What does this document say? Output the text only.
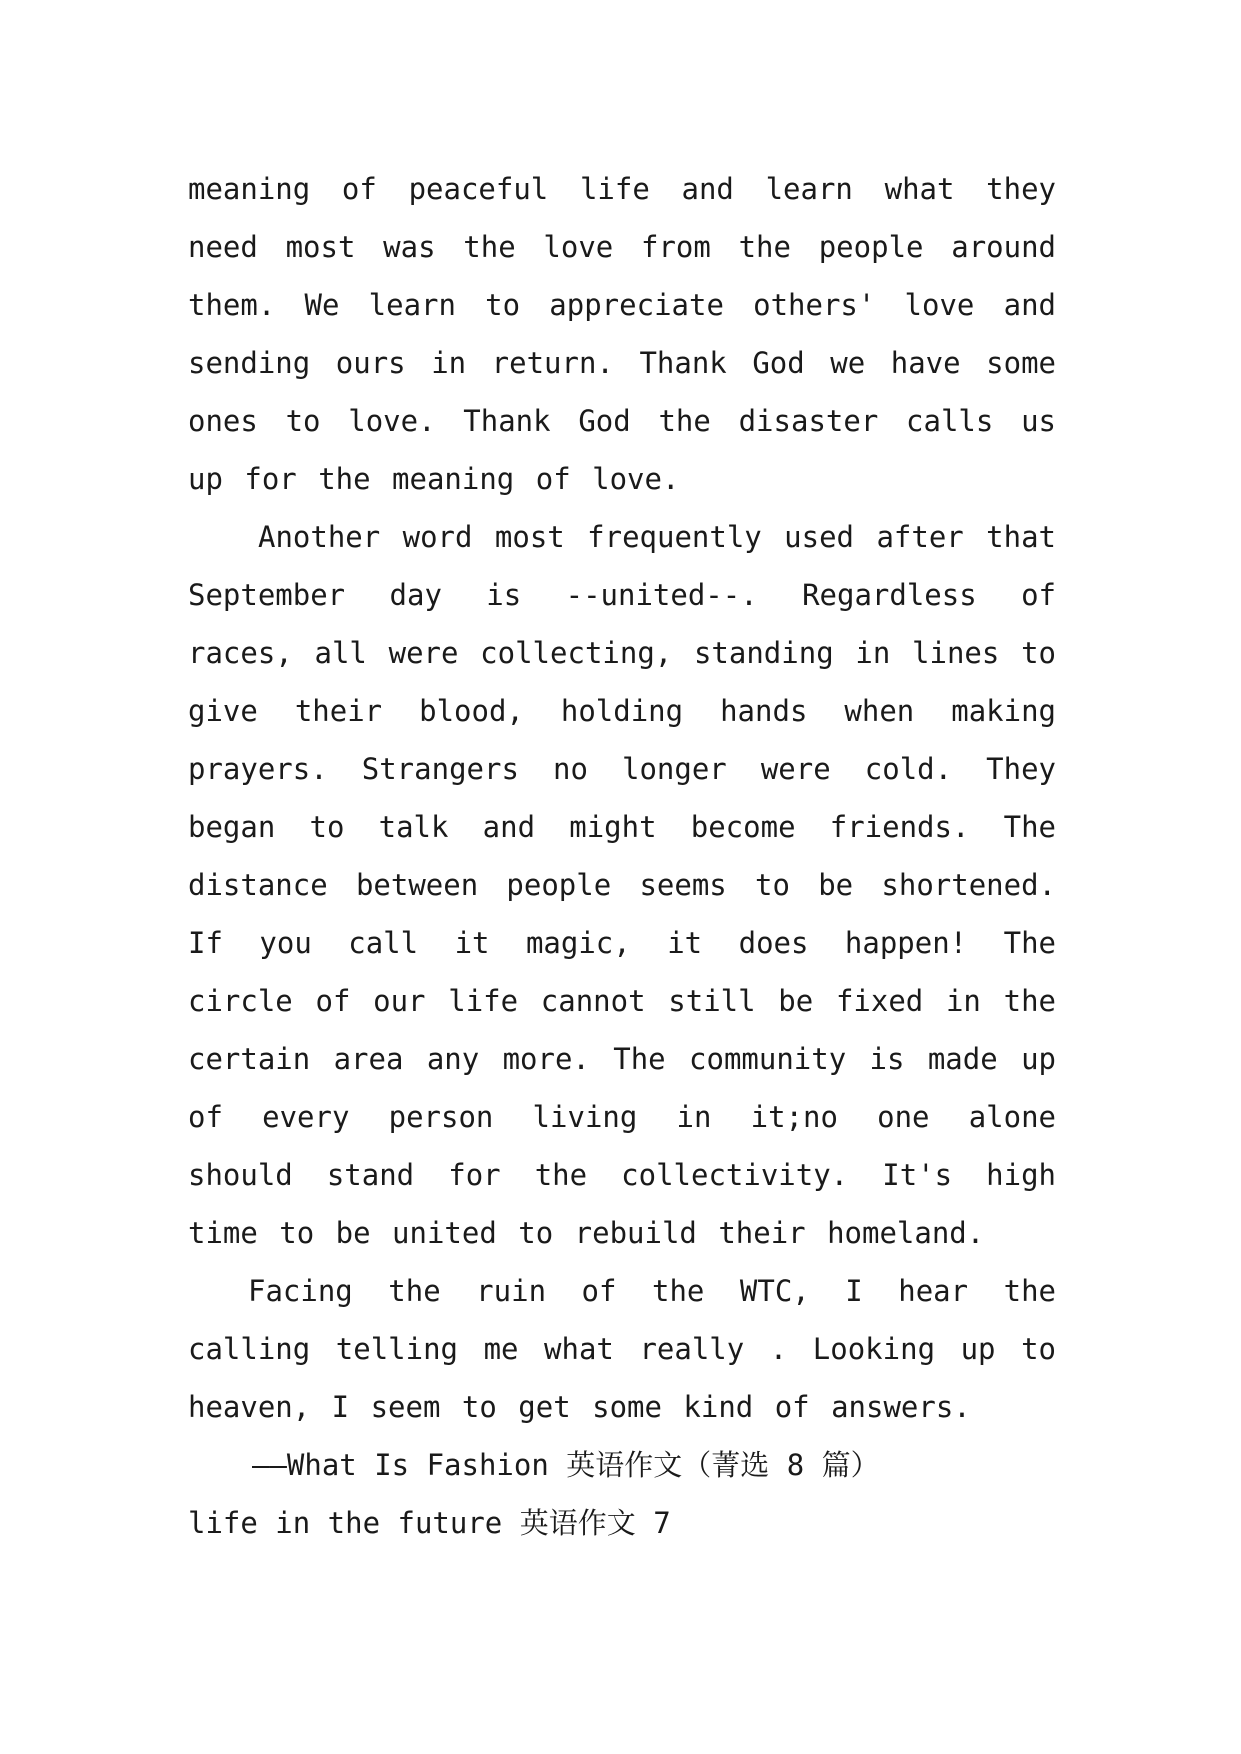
meaning of peaceful life and learn what they need most was the love from the people around them. We learn to appreciate others' love and sending ours in return. Thank God we have some ones to love. Thank God the disaster calls us up for the meaning of love.

Another word most frequently used after that September day is --united--. Regardless of races, all were collecting, standing in lines to give their blood, holding hands when making prayers. Strangers no longer were cold. They began to talk and might become friends. The distance between people seems to be shortened. If you call it magic, it does happen! The circle of our life cannot still be fixed in the certain area any more. The community is made up of every person living in it;no one alone should stand for the collectivity. It's high time to be united to rebuild their homeland.

Facing the ruin of the WTC, I hear the calling telling me what really . Looking up to heaven, I seem to get some kind of answers.

——What Is Fashion 英语作文（菁选 8 篇）

life in the future 英语作文 7
